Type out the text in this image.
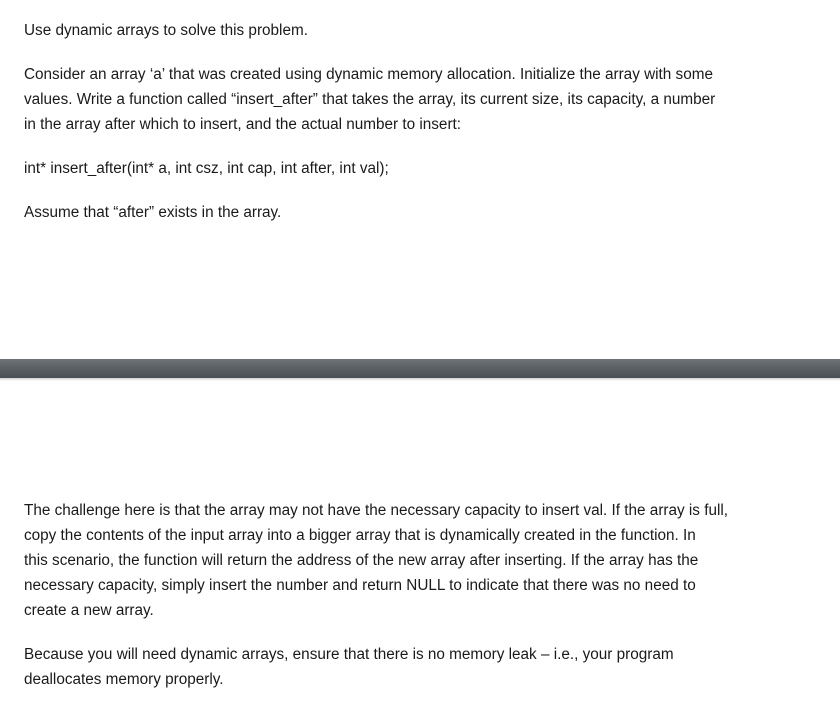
Use dynamic arrays to solve this problem.

Consider an array ‘a’ that was created using dynamic memory allocation. Initialize the array with some
values. Write a function called “insert_after” that takes the array, its current size, its capacity, a number
in the array after which to insert, and the actual number to insert:

int* insert_after(int* a, int csz, int cap, int after, int val);

Assume that “after” exists in the array.

The challenge here is that the array may not have the necessary capacity to insert val. If the array is full,
copy the contents of the input array into a bigger array that is dynamically created in the function. In
this scenario, the function will return the address of the new array after inserting. If the array has the
necessary capacity, simply insert the number and return NULL to indicate that there was no need to
create a new array.

Because you will need dynamic arrays, ensure that there is no memory leak – i.e., your program
deallocates memory properly.
